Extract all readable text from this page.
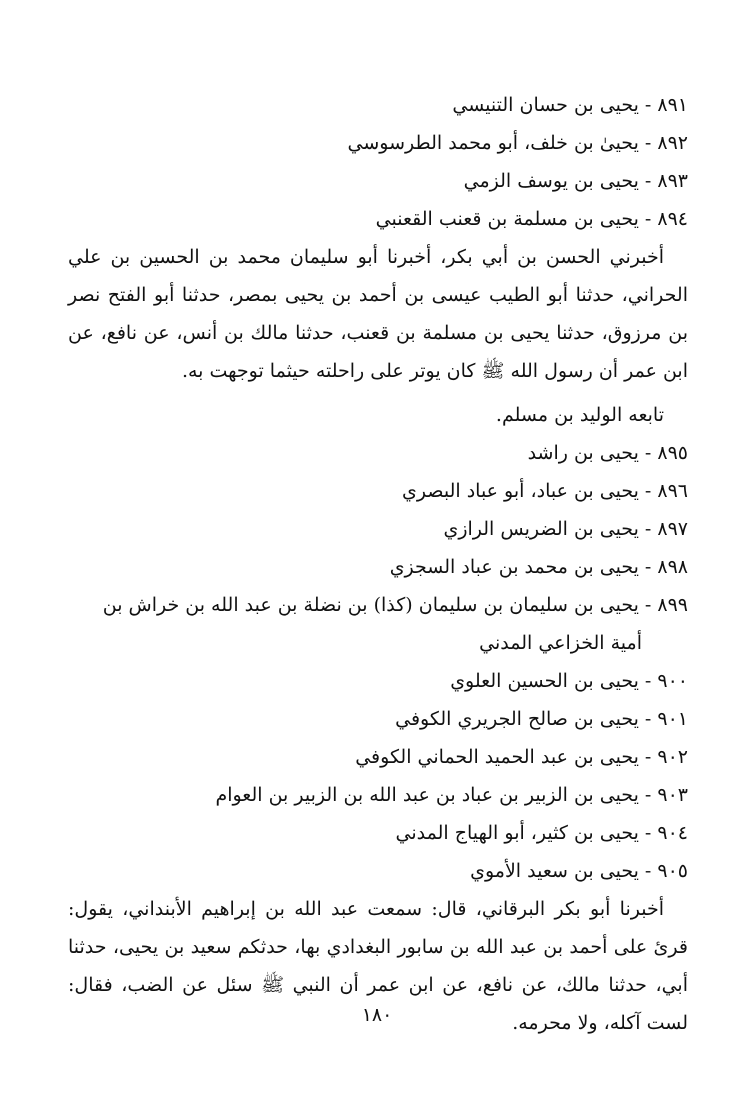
٨٩١ - يحيى بن حسان التنيسي
٨٩٢ - يحيىٰ بن خلف، أبو محمد الطرسوسي
٨٩٣ - يحيى بن يوسف الزمي
٨٩٤ - يحيى بن مسلمة بن قعنب القعنبي

أخبرني الحسن بن أبي بكر، أخبرنا أبو سليمان محمد بن الحسين بن علي الحراني، حدثنا أبو الطيب عيسى بن أحمد بن يحيى بمصر، حدثنا أبو الفتح نصر بن مرزوق، حدثنا يحيى بن مسلمة بن قعنب، حدثنا مالك بن أنس، عن نافع، عن ابن عمر أن رسول الله ﷺ كان يوتر على راحلته حيثما توجهت به.

تابعه الوليد بن مسلم.
٨٩٥ - يحيى بن راشد
٨٩٦ - يحيى بن عباد، أبو عباد البصري
٨٩٧ - يحيى بن الضريس الرازي
٨٩٨ - يحيى بن محمد بن عباد السجزي
٨٩٩ - يحيى بن سليمان بن سليمان (كذا) بن نضلة بن عبد الله بن خراش بن
أمية الخزاعي المدني
٩٠٠ - يحيى بن الحسين العلوي
٩٠١ - يحيى بن صالح الجريري الكوفي
٩٠٢ - يحيى بن عبد الحميد الحماني الكوفي
٩٠٣ - يحيى بن الزبير بن عباد بن عبد الله بن الزبير بن العوام
٩٠٤ - يحيى بن كثير، أبو الهياج المدني
٩٠٥ - يحيى بن سعيد الأموي

أخبرنا أبو بكر البرقاني، قال: سمعت عبد الله بن إبراهيم الأبنداني، يقول: قرئ على أحمد بن عبد الله بن سابور البغدادي بها، حدثكم سعيد بن يحيى، حدثنا أبي، حدثنا مالك، عن نافع، عن ابن عمر أن النبي ﷺ سئل عن الضب، فقال: لست آكله، ولا محرمه.

١٨٠
